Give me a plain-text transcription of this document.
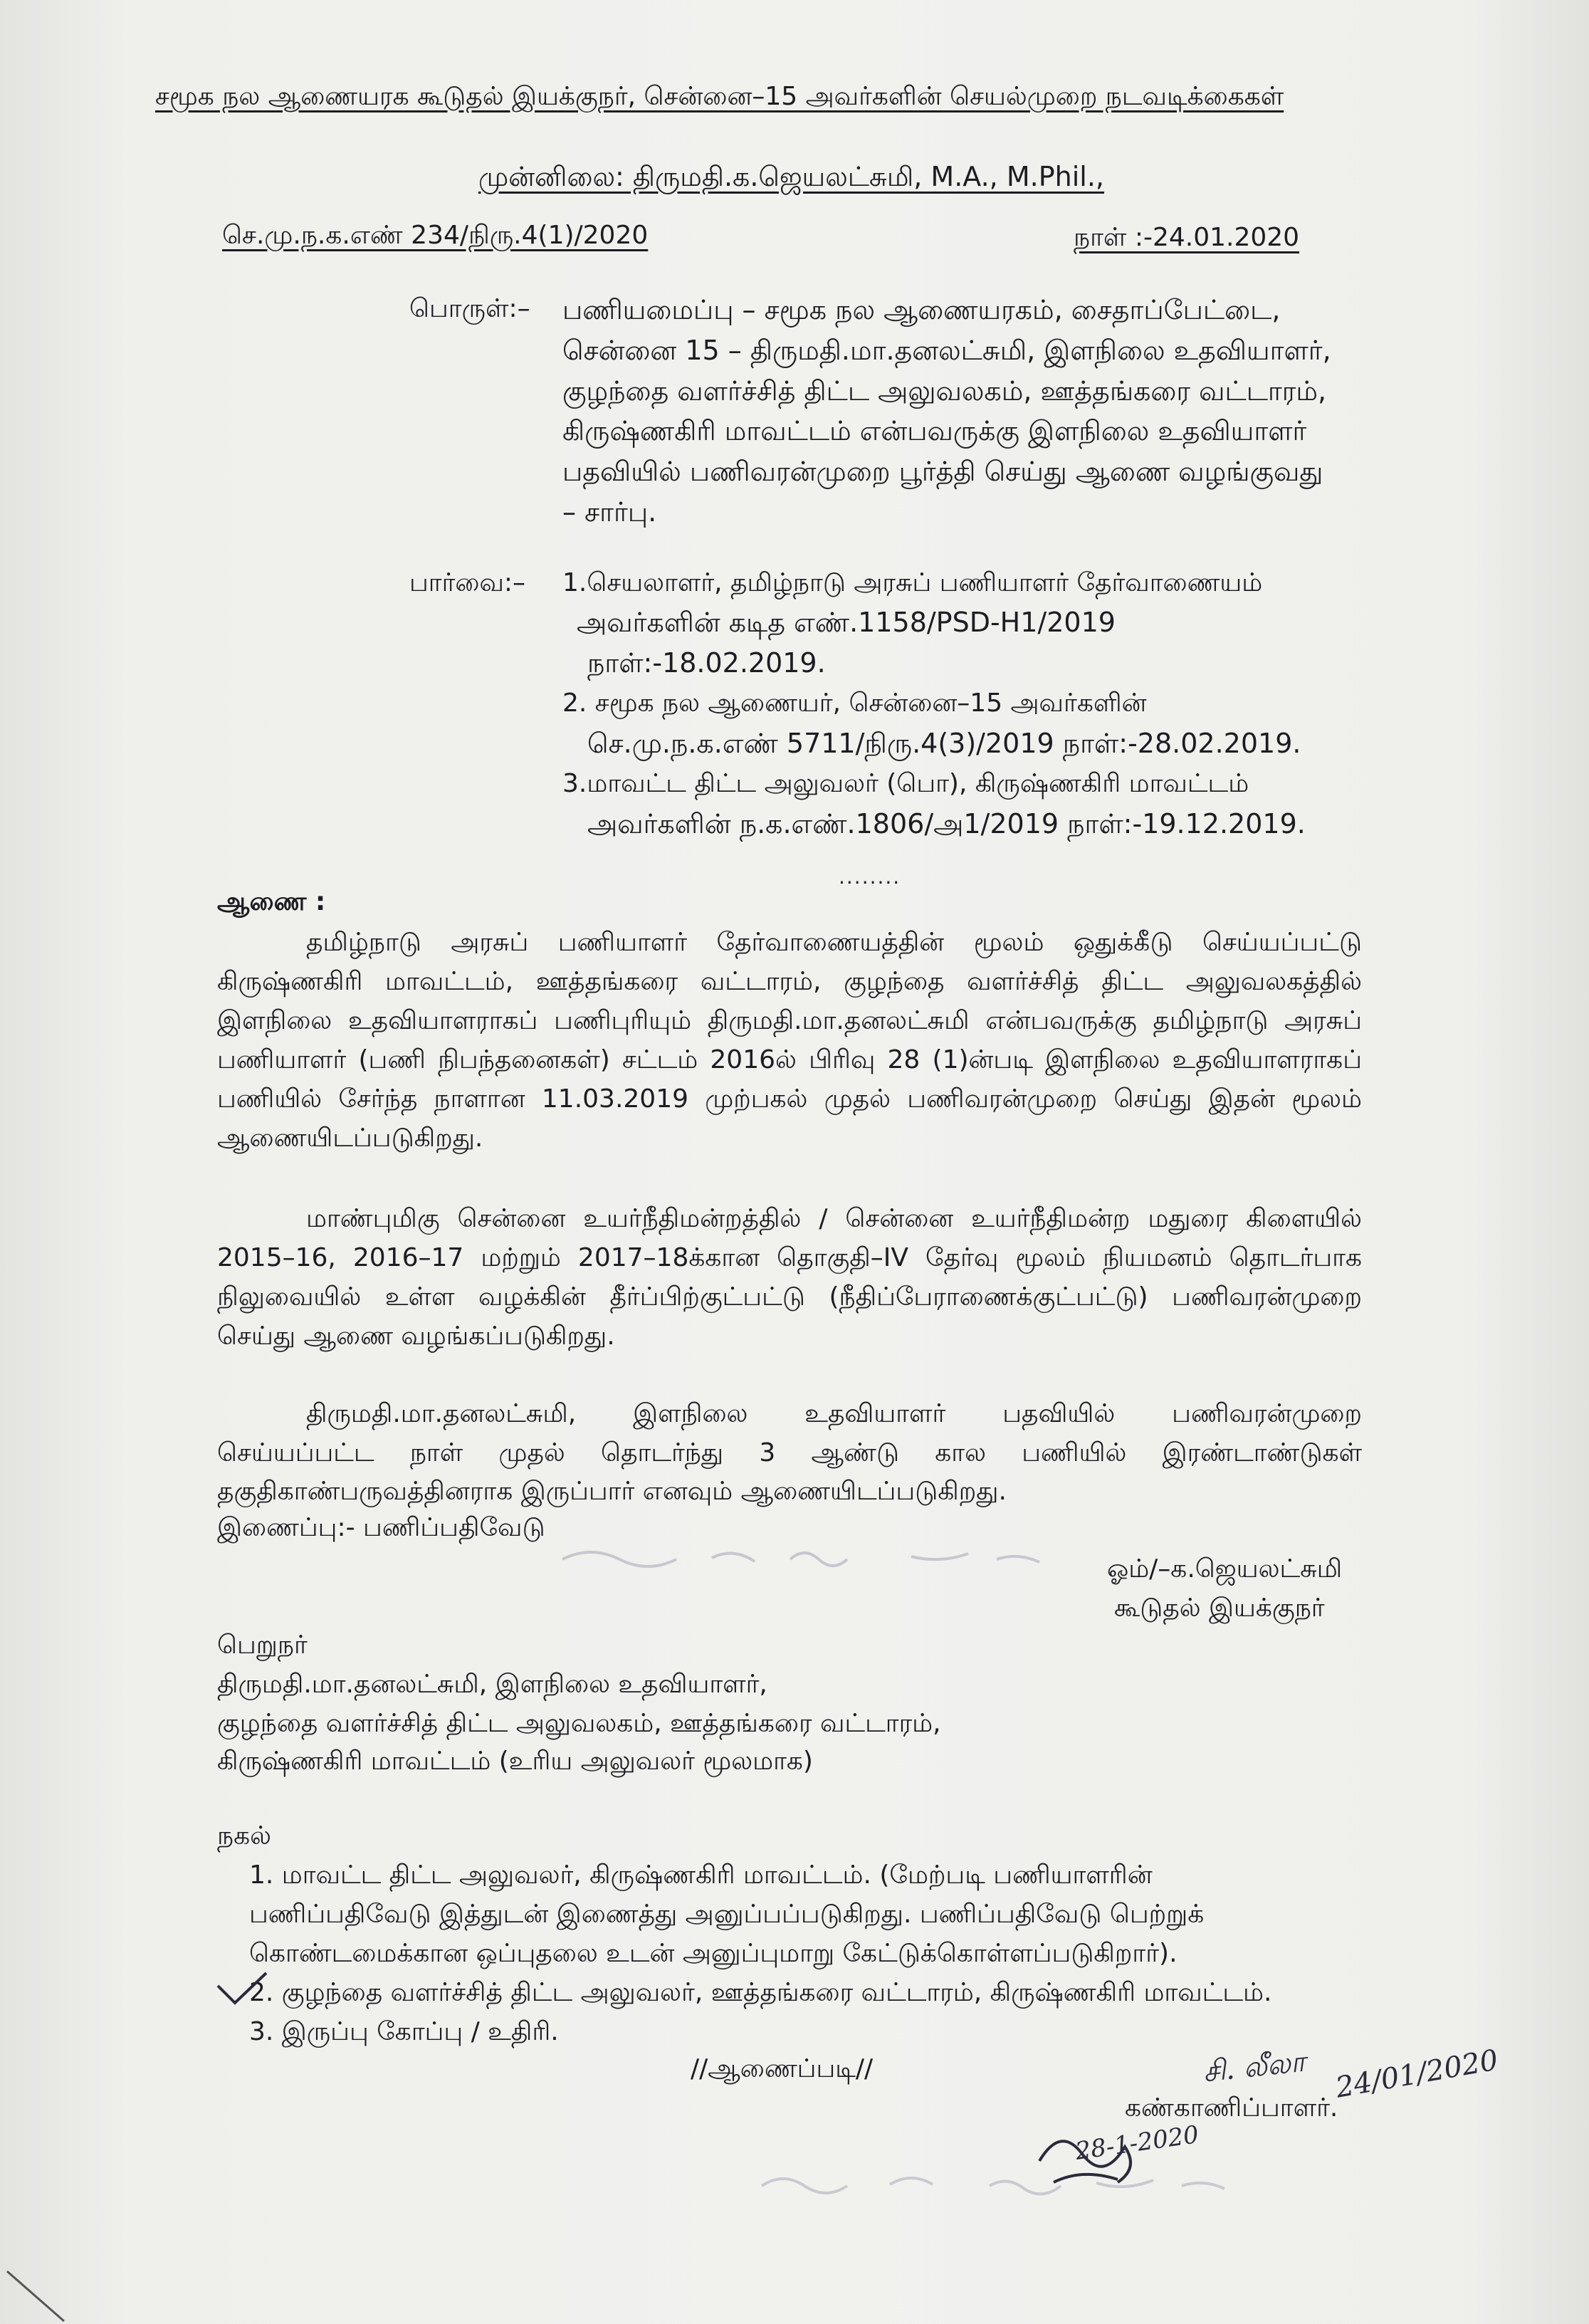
சமூக நல ஆணையரக கூடுதல் இயக்குநர், சென்னை–15 அவர்களின் செயல்முறை நடவடிக்கைகள்
முன்னிலை: திருமதி.க.ஜெயலட்சுமி, M.A., M.Phil.,
செ.மு.ந.க.எண் 234/நிரு.4(1)/2020	நாள் :-24.01.2020
பொருள்:– பணியமைப்பு – சமூக நல ஆணையரகம், சைதாப்பேட்டை,
சென்னை 15 – திருமதி.மா.தனலட்சுமி, இளநிலை உதவியாளர்,
குழந்தை வளர்ச்சித் திட்ட அலுவலகம், ஊத்தங்கரை வட்டாரம்,
கிருஷ்ணகிரி மாவட்டம் என்பவருக்கு இளநிலை உதவியாளர்
பதவியில் பணிவரன்முறை பூர்த்தி செய்து ஆணை வழங்குவது
– சார்பு.
பார்வை:– 1.செயலாளர், தமிழ்நாடு அரசுப் பணியாளர் தேர்வாணையம்
அவர்களின் கடித எண்.1158/PSD-H1/2019
நாள்:-18.02.2019.
2. சமூக நல ஆணையர், சென்னை–15 அவர்களின்
செ.மு.ந.க.எண் 5711/நிரு.4(3)/2019 நாள்:-28.02.2019.
3.மாவட்ட திட்ட அலுவலர் (பொ), கிருஷ்ணகிரி மாவட்டம்
அவர்களின் ந.க.எண்.1806/அ1/2019 நாள்:-19.12.2019.
........
ஆணை :
தமிழ்நாடு அரசுப் பணியாளர் தேர்வாணையத்தின் மூலம் ஒதுக்கீடு செய்யப்பட்டு
கிருஷ்ணகிரி மாவட்டம், ஊத்தங்கரை வட்டாரம், குழந்தை வளர்ச்சித் திட்ட அலுவலகத்தில்
இளநிலை உதவியாளராகப் பணிபுரியும் திருமதி.மா.தனலட்சுமி என்பவருக்கு தமிழ்நாடு அரசுப்
பணியாளர் (பணி நிபந்தனைகள்) சட்டம் 2016ல் பிரிவு 28 (1)ன்படி இளநிலை உதவியாளராகப்
பணியில் சேர்ந்த நாளான 11.03.2019 முற்பகல் முதல் பணிவரன்முறை செய்து இதன் மூலம்
ஆணையிடப்படுகிறது.
மாண்புமிகு சென்னை உயர்நீதிமன்றத்தில் / சென்னை உயர்நீதிமன்ற மதுரை கிளையில்
2015–16, 2016–17 மற்றும் 2017–18க்கான தொகுதி–IV தேர்வு மூலம் நியமனம் தொடர்பாக
நிலுவையில் உள்ள வழக்கின் தீர்ப்பிற்குட்பட்டு (நீதிப்பேராணைக்குட்பட்டு) பணிவரன்முறை
செய்து ஆணை வழங்கப்படுகிறது.
திருமதி.மா.தனலட்சுமி, இளநிலை உதவியாளர் பதவியில் பணிவரன்முறை
செய்யப்பட்ட நாள் முதல் தொடர்ந்து 3 ஆண்டு கால பணியில் இரண்டாண்டுகள்
தகுதிகாண்பருவத்தினராக இருப்பார் எனவும் ஆணையிடப்படுகிறது.
இணைப்பு:- பணிப்பதிவேடு
ஓம்/–க.ஜெயலட்சுமி
கூடுதல் இயக்குநர்
பெறுநர்
திருமதி.மா.தனலட்சுமி, இளநிலை உதவியாளர்,
குழந்தை வளர்ச்சித் திட்ட அலுவலகம், ஊத்தங்கரை வட்டாரம்,
கிருஷ்ணகிரி மாவட்டம் (உரிய அலுவலர் மூலமாக)
நகல்
1. மாவட்ட திட்ட அலுவலர், கிருஷ்ணகிரி மாவட்டம். (மேற்படி பணியாளரின்
பணிப்பதிவேடு இத்துடன் இணைத்து அனுப்பப்படுகிறது. பணிப்பதிவேடு பெற்றுக்
கொண்டமைக்கான ஒப்புதலை உடன் அனுப்புமாறு கேட்டுக்கொள்ளப்படுகிறார்).
2. குழந்தை வளர்ச்சித் திட்ட அலுவலர், ஊத்தங்கரை வட்டாரம், கிருஷ்ணகிரி மாவட்டம்.
3. இருப்பு கோப்பு / உதிரி.
//ஆணைப்படி//
கண்காணிப்பாளர்.
சி. லீலா 24/01/2020
28-1-2020
